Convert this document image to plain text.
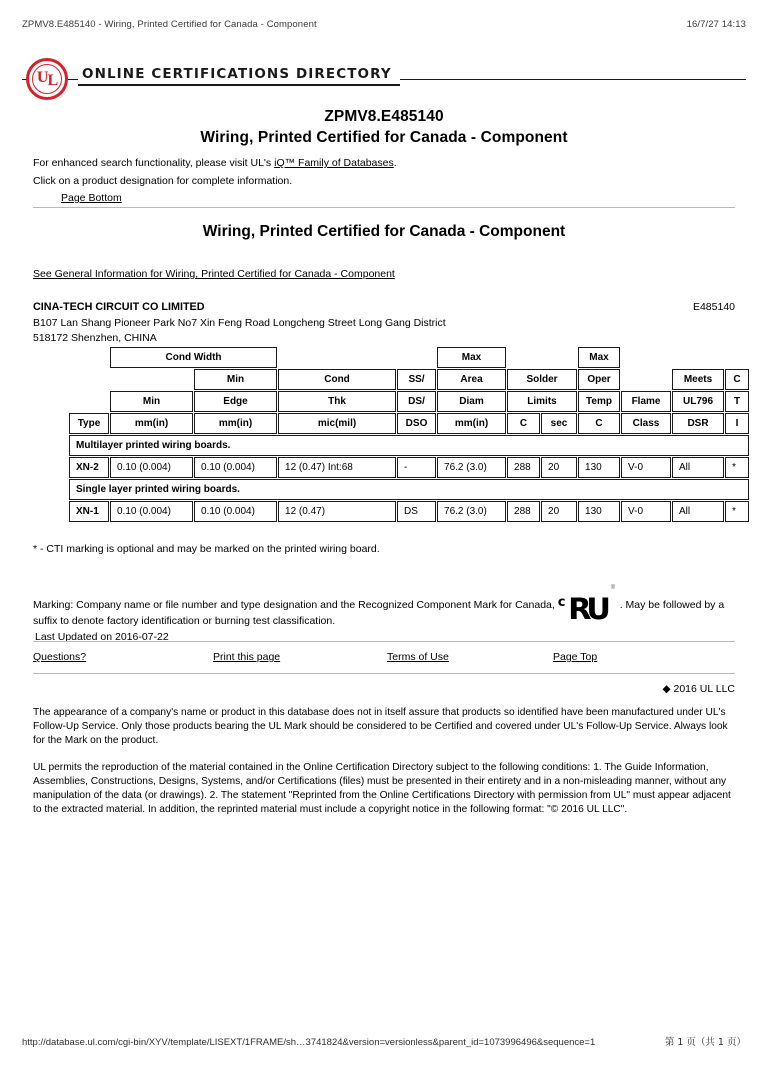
ZPMV8.E485140 - Wiring, Printed Certified for Canada - Component	16/7/27 14:13
U L ONLINE CERTIFICATIONS DIRECTORY
ZPMV8.E485140
Wiring, Printed Certified for Canada - Component
For enhanced search functionality, please visit UL's iQ™ Family of Databases.
Click on a product designation for complete information.
Page Bottom
Wiring, Printed Certified for Canada - Component
See General Information for Wiring, Printed Certified for Canada - Component
E485140
CINA-TECH CIRCUIT CO LIMITED
B107 Lan Shang Pioneer Park No7 Xin Feng Road Longcheng Street Long Gang District
518172 Shenzhen, CHINA
	Cond Width				Max			Max			
		Min	Cond	SS/	Area	Solder		Oper		Meets	C
	Min	Edge	Thk	DS/	Diam	Limits		Temp	Flame	UL796	T
Type	mm(in)	mm(in)	mic(mil)	DSO	mm(in)	C	sec	C	Class	DSR	I
Multilayer printed wiring boards.											
XN-2	0.10 (0.004)	0.10 (0.004)	12 (0.47) Int:68	-	76.2 (3.0)	288	20	130	V-0	All	*
Single layer printed wiring boards.											
XN-1	0.10 (0.004)	0.10 (0.004)	12 (0.47)	DS	76.2 (3.0)	288	20	130	V-0	All	*
* - CTI marking is optional and may be marked on the printed wiring board.
Marking: Company name or file number and type designation and the Recognized Component Mark for Canada, c RU
®
. May be followed by a suffix to denote factory identification or burning test classification.
Last Updated on 2016-07-22
Questions?	Print this page	Terms of Use	Page Top
◆ 2016 UL LLC

The appearance of a company's name or product in this database does not in itself assure that products so identified have been manufactured under UL's Follow-Up Service. Only those products bearing the UL Mark should be considered to be Certified and covered under UL's Follow-Up Service. Always look for the Mark on the product.

UL permits the reproduction of the material contained in the Online Certification Directory subject to the following conditions: 1. The Guide Information, Assemblies, Constructions, Designs, Systems, and/or Certifications (files) must be presented in their entirety and in a non-misleading manner, without any manipulation of the data (or drawings). 2. The statement "Reprinted from the Online Certifications Directory with permission from UL" must appear adjacent to the extracted material. In addition, the reprinted material must include a copyright notice in the following format: "© 2016 UL LLC".

http://database.ul.com/cgi-bin/XYV/template/LISEXT/1FRAME/sh…3741824&version=versionless&parent_id=1073996496&sequence=1	第 1 页（共 1 页）
